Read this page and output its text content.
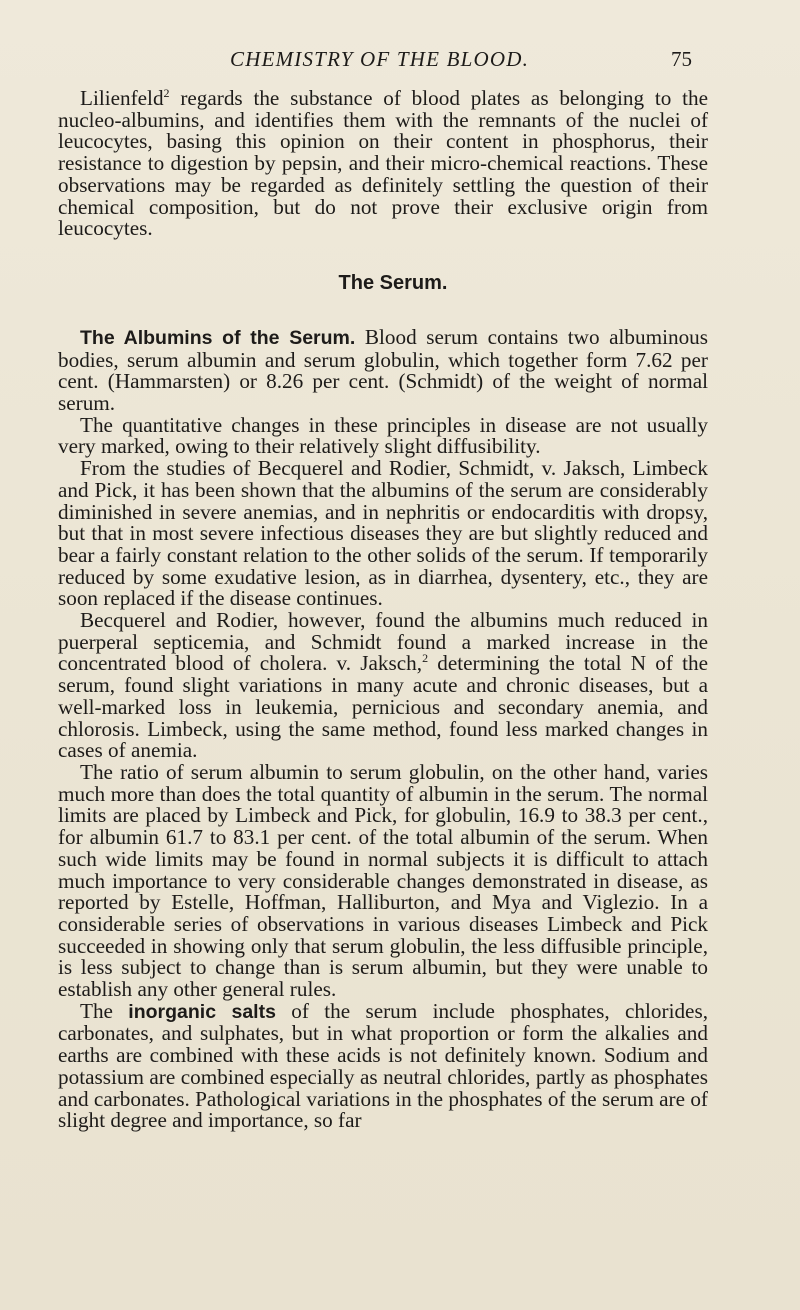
CHEMISTRY OF THE BLOOD.	75

Lilienfeld$^2$ regards the substance of blood plates as belonging to the nucleo-albumins, and identifies them with the remnants of the nuclei of leucocytes, basing this opinion on their content in phosphorus, their resistance to digestion by pepsin, and their micro-chemical reactions. These observations may be regarded as definitely settling the question of their chemical composition, but do not prove their exclusive origin from leucocytes.

The Serum.

The Albumins of the Serum. Blood serum contains two albuminous bodies, serum albumin and serum globulin, which together form 7.62 per cent. (Hammarsten) or 8.26 per cent. (Schmidt) of the weight of normal serum.

The quantitative changes in these principles in disease are not usually very marked, owing to their relatively slight diffusibility.

From the studies of Becquerel and Rodier, Schmidt, v. Jaksch, Limbeck and Pick, it has been shown that the albumins of the serum are considerably diminished in severe anemias, and in nephritis or endocarditis with dropsy, but that in most severe infectious diseases they are but slightly reduced and bear a fairly constant relation to the other solids of the serum. If temporarily reduced by some exudative lesion, as in diarrhea, dysentery, etc., they are soon replaced if the disease continues.

Becquerel and Rodier, however, found the albumins much reduced in puerperal septicemia, and Schmidt found a marked increase in the concentrated blood of cholera. v. Jaksch,$^2$ determining the total N of the serum, found slight variations in many acute and chronic diseases, but a well-marked loss in leukemia, pernicious and secondary anemia, and chlorosis. Limbeck, using the same method, found less marked changes in cases of anemia.

The ratio of serum albumin to serum globulin, on the other hand, varies much more than does the total quantity of albumin in the serum. The normal limits are placed by Limbeck and Pick, for globulin, 16.9 to 38.3 per cent., for albumin 61.7 to 83.1 per cent. of the total albumin of the serum. When such wide limits may be found in normal subjects it is difficult to attach much importance to very considerable changes demonstrated in disease, as reported by Estelle, Hoffman, Halliburton, and Mya and Viglezio. In a considerable series of observations in various diseases Limbeck and Pick succeeded in showing only that serum globulin, the less diffusible principle, is less subject to change than is serum albumin, but they were unable to establish any other general rules.

The inorganic salts of the serum include phosphates, chlorides, carbonates, and sulphates, but in what proportion or form the alkalies and earths are combined with these acids is not definitely known. Sodium and potassium are combined especially as neutral chlorides, partly as phosphates and carbonates. Pathological variations in the phosphates of the serum are of slight degree and importance, so far
